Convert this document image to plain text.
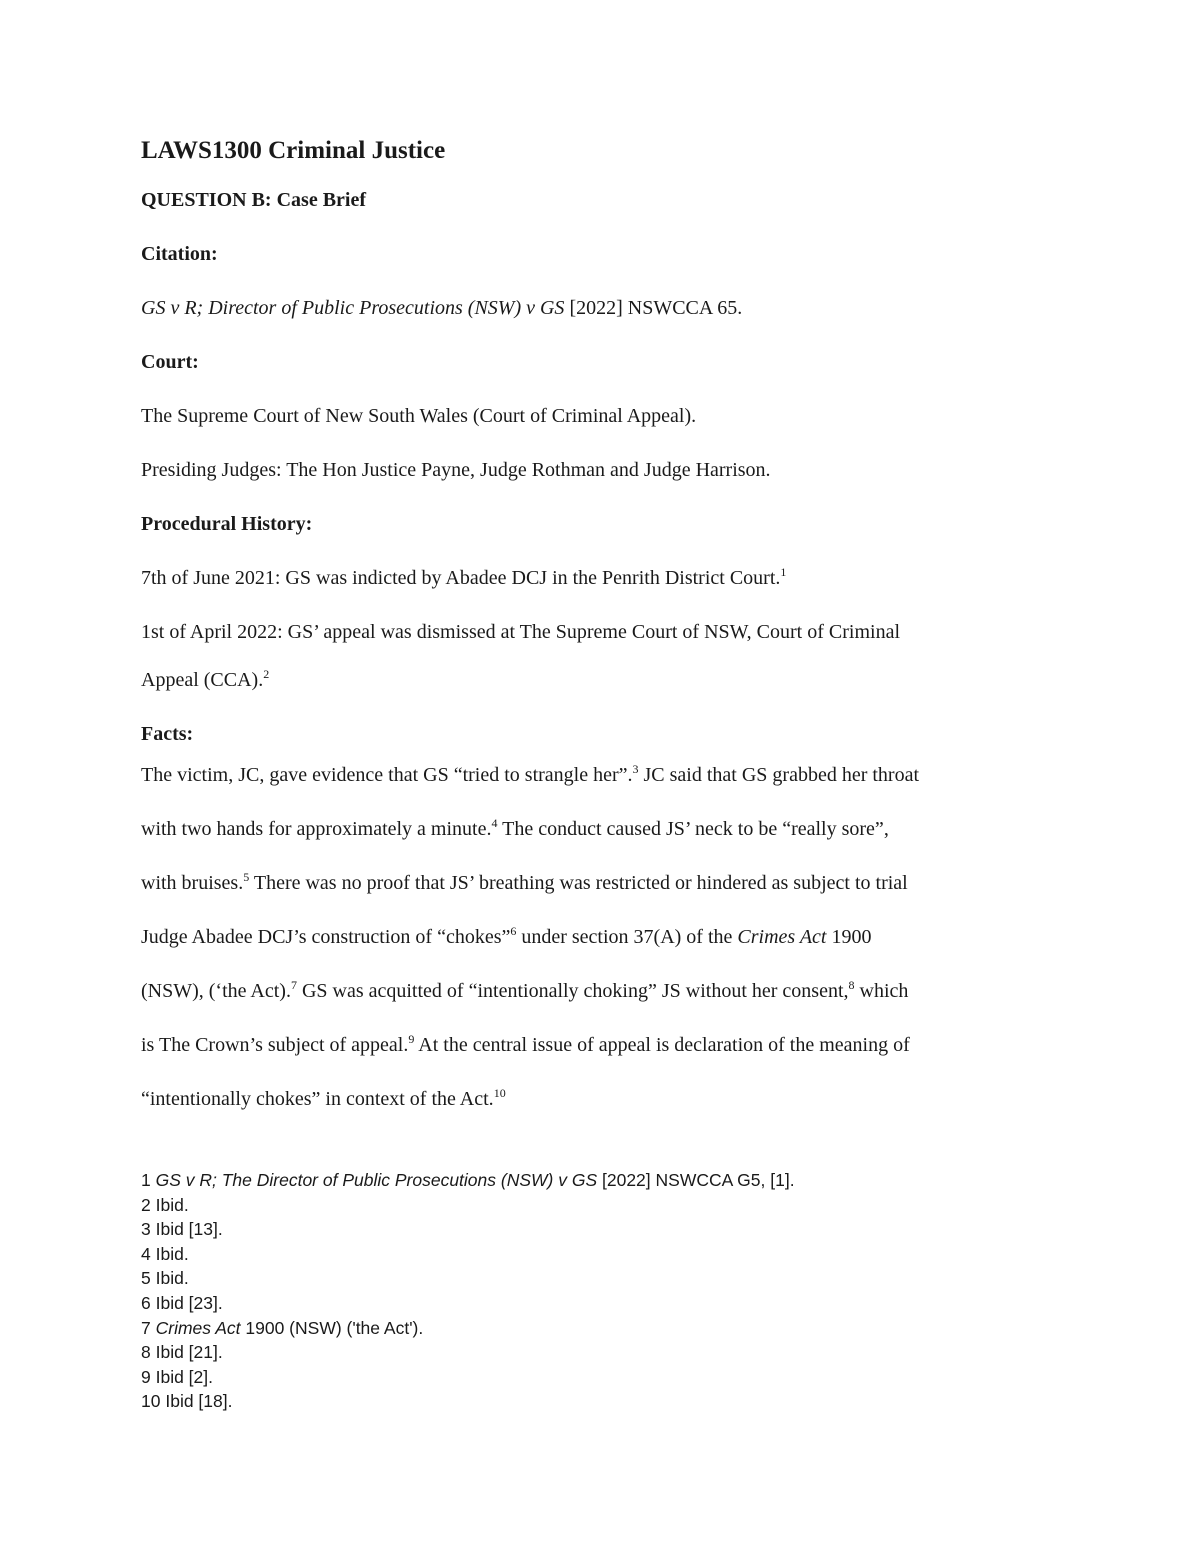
LAWS1300 Criminal Justice
QUESTION B: Case Brief
Citation:
GS v R; Director of Public Prosecutions (NSW) v GS [2022] NSWCCA 65.
Court:
The Supreme Court of New South Wales (Court of Criminal Appeal).
Presiding Judges: The Hon Justice Payne, Judge Rothman and Judge Harrison.
Procedural History:
7th of June 2021: GS was indicted by Abadee DCJ in the Penrith District Court.$^1$
1st of April 2022: GS’ appeal was dismissed at The Supreme Court of NSW, Court of Criminal
Appeal (CCA).$^2$
Facts:
The victim, JC, gave evidence that GS “tried to strangle her”.$^3$ JC said that GS grabbed her throat
with two hands for approximately a minute.$^4$ The conduct caused JS’ neck to be “really sore”,
with bruises.$^5$ There was no proof that JS’ breathing was restricted or hindered as subject to trial
Judge Abadee DCJ’s construction of “chokes”$^6$ under section 37(A) of the Crimes Act 1900
(NSW), (‘the Act).$^7$ GS was acquitted of “intentionally choking” JS without her consent,$^8$ which
is The Crown’s subject of appeal.$^9$ At the central issue of appeal is declaration of the meaning of
“intentionally chokes” in context of the Act.$^{10}$
1 GS v R; The Director of Public Prosecutions (NSW) v GS [2022] NSWCCA G5, [1].
2 Ibid.
3 Ibid [13].
4 Ibid.
5 Ibid.
6 Ibid [23].
7 Crimes Act 1900 (NSW) ('the Act').
8 Ibid [21].
9 Ibid [2].
10 Ibid [18].
